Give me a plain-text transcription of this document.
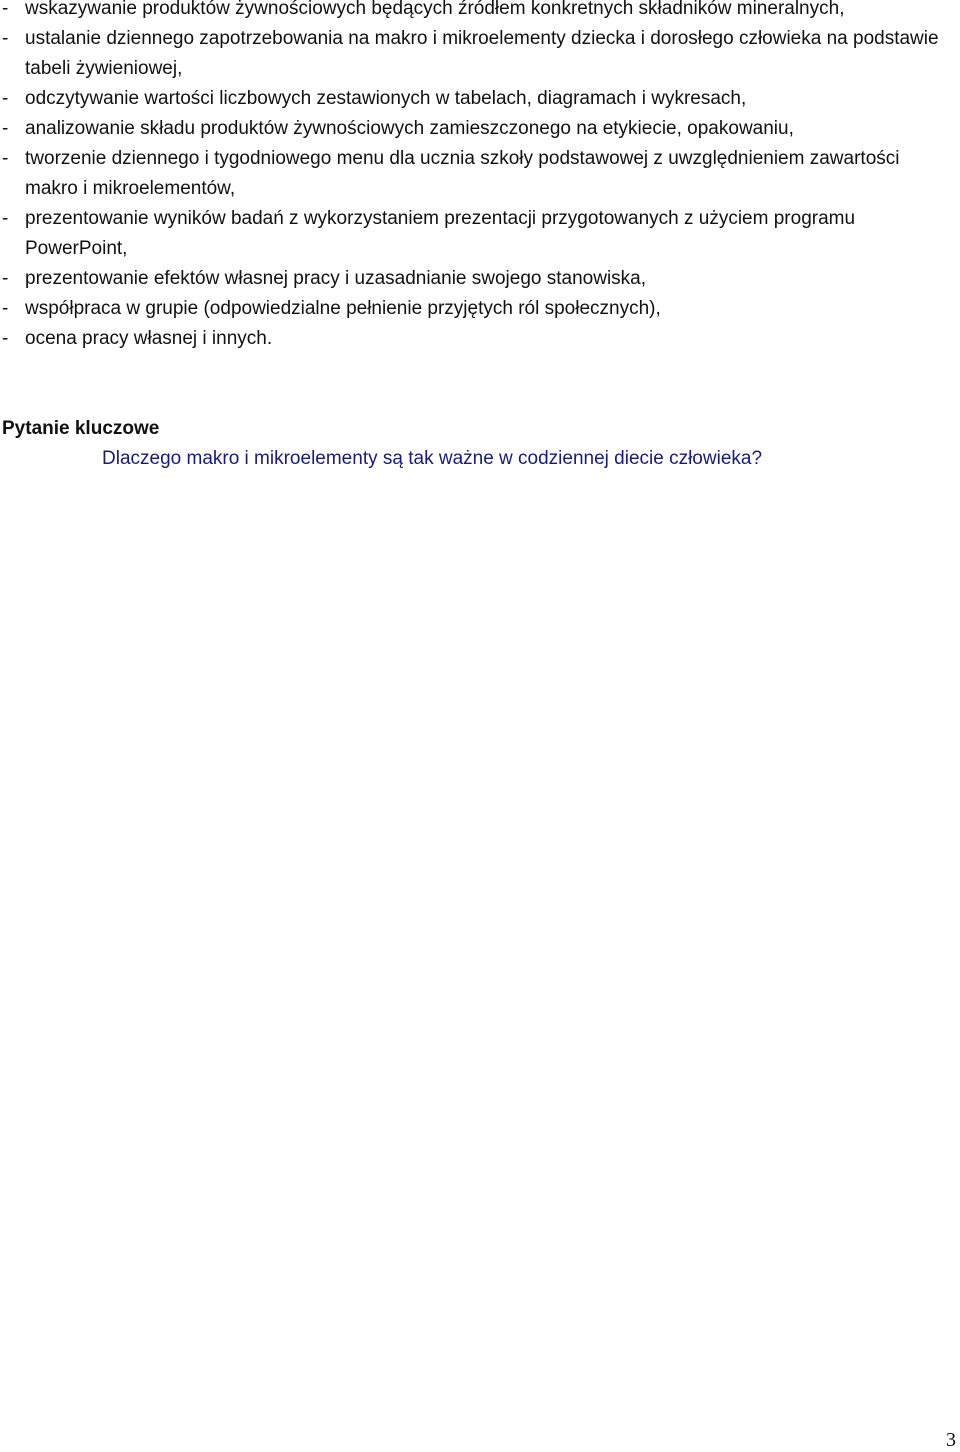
- wskazywanie produktów żywnościowych będących źródłem konkretnych składników mineralnych,
- ustalanie dziennego zapotrzebowania na makro i mikroelementy dziecka i dorosłego człowieka na podstawie tabeli żywieniowej,
- odczytywanie wartości liczbowych zestawionych w tabelach, diagramach i wykresach,
- analizowanie składu produktów żywnościowych zamieszczonego na etykiecie, opakowaniu,
- tworzenie dziennego i tygodniowego menu dla ucznia szkoły podstawowej z uwzględnieniem zawartości makro i mikroelementów,
- prezentowanie wyników badań z wykorzystaniem prezentacji przygotowanych z użyciem programu PowerPoint,
- prezentowanie efektów własnej pracy i uzasadnianie swojego stanowiska,
- współpraca w grupie (odpowiedzialne pełnienie przyjętych ról społecznych),
- ocena pracy własnej i innych.
Pytanie kluczowe

Dlaczego makro i mikroelementy są tak ważne w codziennej diecie człowieka?

3
